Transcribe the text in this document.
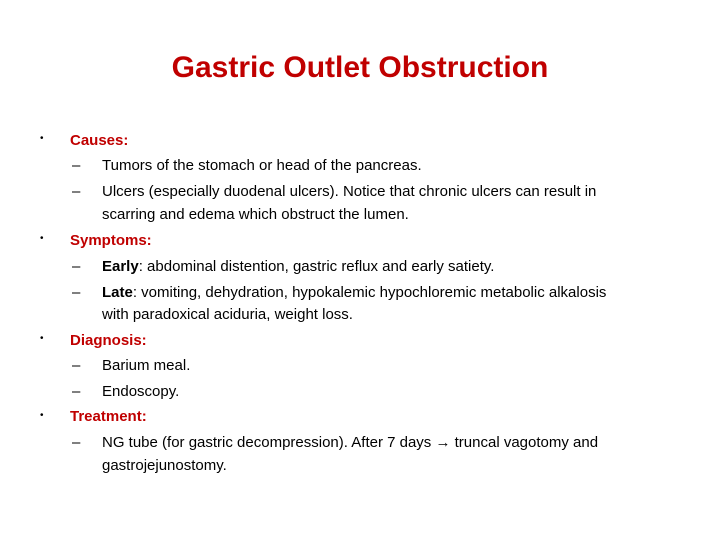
Gastric Outlet Obstruction
• Causes:
– Tumors of the stomach or head of the pancreas.
– Ulcers (especially duodenal ulcers). Notice that chronic ulcers can result in
scarring and edema which obstruct the lumen.
• Symptoms:
– Early: abdominal distention, gastric reflux and early satiety.
– Late: vomiting, dehydration, hypokalemic hypochloremic metabolic alkalosis
with paradoxical aciduria, weight loss.
• Diagnosis:
– Barium meal.
– Endoscopy.
• Treatment:
– NG tube (for gastric decompression). After 7 days → truncal vagotomy and
gastrojejunostomy.
